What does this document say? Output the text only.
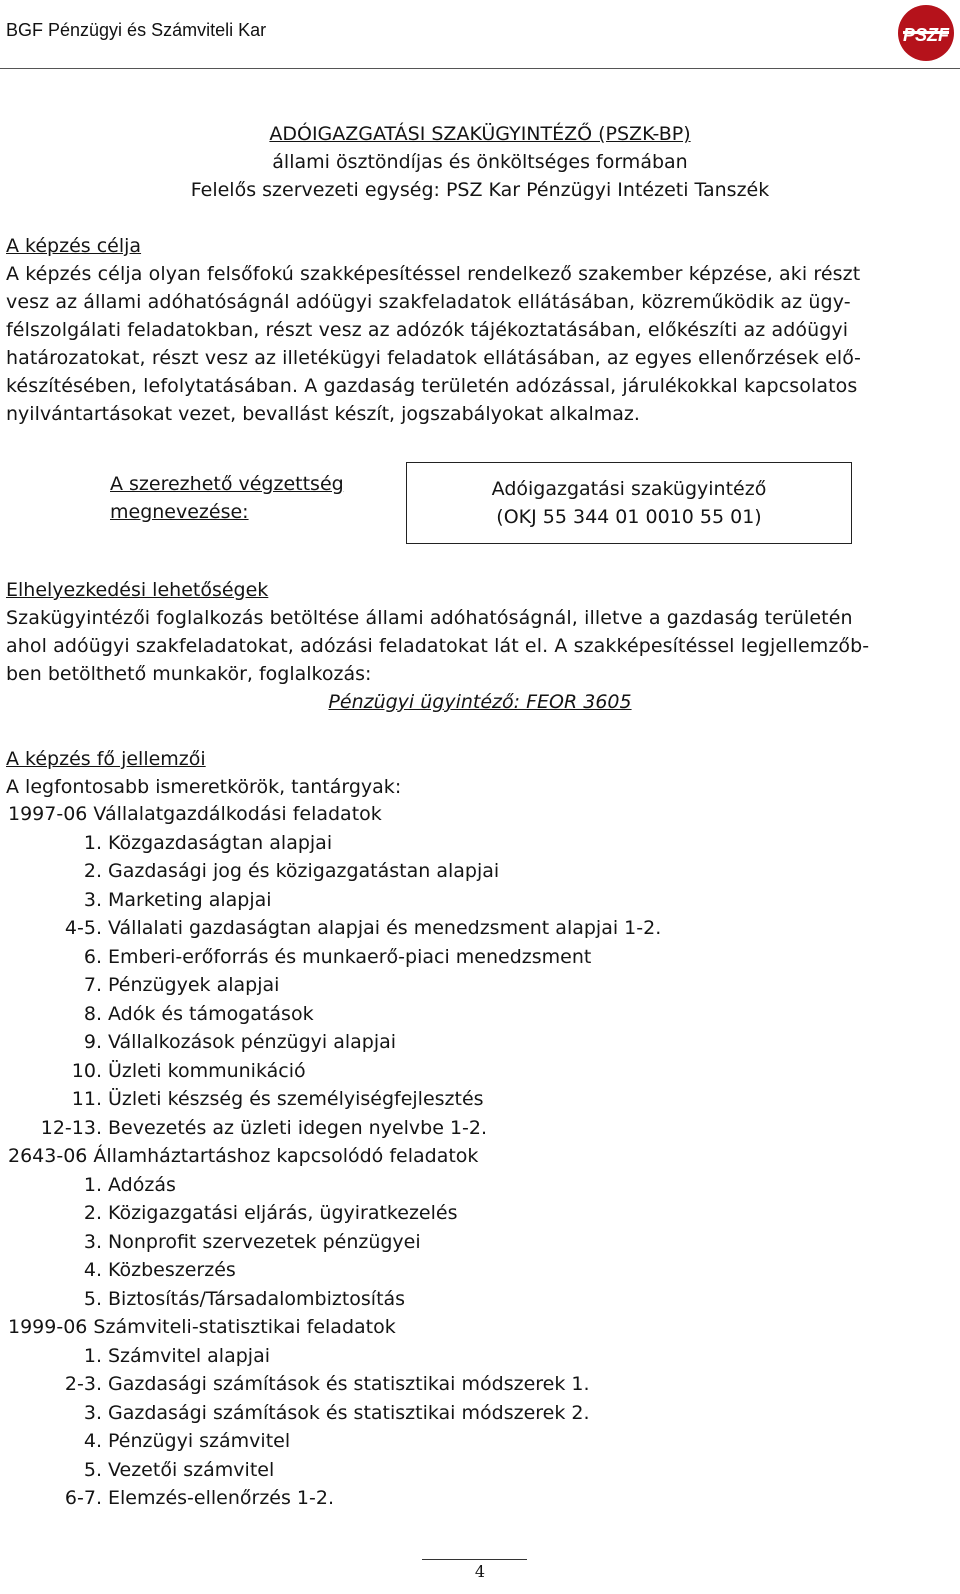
BGF Pénzügyi és Számviteli Kar	PSZF
ADÓIGAZGATÁSI SZAKÜGYINTÉZŐ (PSZK-BP)
állami ösztöndíjas és önköltséges formában
Felelős szervezeti egység: PSZ Kar Pénzügyi Intézeti Tanszék
A képzés célja
A képzés célja olyan felsőfokú szakképesítéssel rendelkező szakember képzése, aki részt
vesz az állami adóhatóságnál adóügyi szakfeladatok ellátásában, közreműködik az ügy-
félszolgálati feladatokban, részt vesz az adózók tájékoztatásában, előkészíti az adóügyi
határozatokat, részt vesz az illetékügyi feladatok ellátásában, az egyes ellenőrzések elő-
készítésében, lefolytatásában. A gazdaság területén adózással, járulékokkal kapcsolatos
nyilvántartásokat vezet, bevallást készít, jogszabályokat alkalmaz.
A szerezhető végzettség
megnevezése:
Adóigazgatási szakügyintéző
(OKJ 55 344 01 0010 55 01)
Elhelyezkedési lehetőségek
Szakügyintézői foglalkozás betöltése állami adóhatóságnál, illetve a gazdaság területén
ahol adóügyi szakfeladatokat, adózási feladatokat lát el. A szakképesítéssel legjellemzőb-
ben betölthető munkakör, foglalkozás:
Pénzügyi ügyintéző: FEOR 3605
A képzés fő jellemzői
A legfontosabb ismeretkörök, tantárgyak:
1997-06 Vállalatgazdálkodási feladatok
1. Közgazdaságtan alapjai
2. Gazdasági jog és közigazgatástan alapjai
3. Marketing alapjai
4-5. Vállalati gazdaságtan alapjai és menedzsment alapjai 1-2.
6. Emberi-erőforrás és munkaerő-piaci menedzsment
7. Pénzügyek alapjai
8. Adók és támogatások
9. Vállalkozások pénzügyi alapjai
10. Üzleti kommunikáció
11. Üzleti készség és személyiségfejlesztés
12-13. Bevezetés az üzleti idegen nyelvbe 1-2.
2643-06 Államháztartáshoz kapcsolódó feladatok
1. Adózás
2. Közigazgatási eljárás, ügyiratkezelés
3. Nonprofit szervezetek pénzügyei
4. Közbeszerzés
5. Biztosítás/Társadalombiztosítás
1999-06 Számviteli-statisztikai feladatok
1. Számvitel alapjai
2-3. Gazdasági számítások és statisztikai módszerek 1.
3. Gazdasági számítások és statisztikai módszerek 2.
4. Pénzügyi számvitel
5. Vezetői számvitel
6-7. Elemzés-ellenőrzés 1-2.
4
